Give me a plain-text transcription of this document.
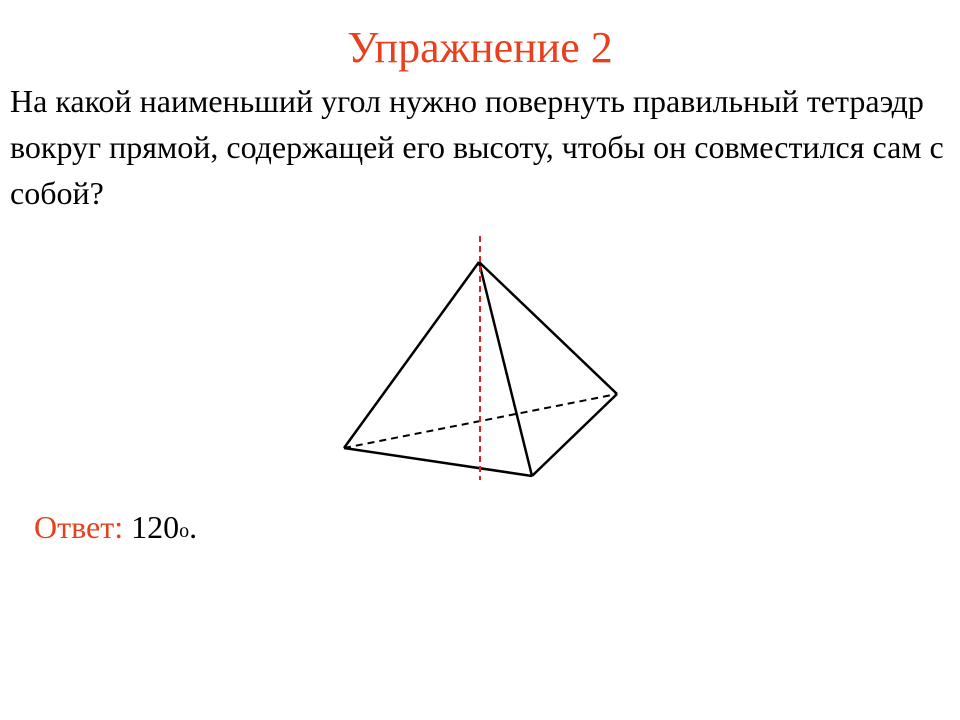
Упражнение 2

На какой наименьший угол нужно повернуть правильный тетраэдр вокруг прямой, содержащей его высоту, чтобы он совместился сам с собой?

Ответ: 120o.
